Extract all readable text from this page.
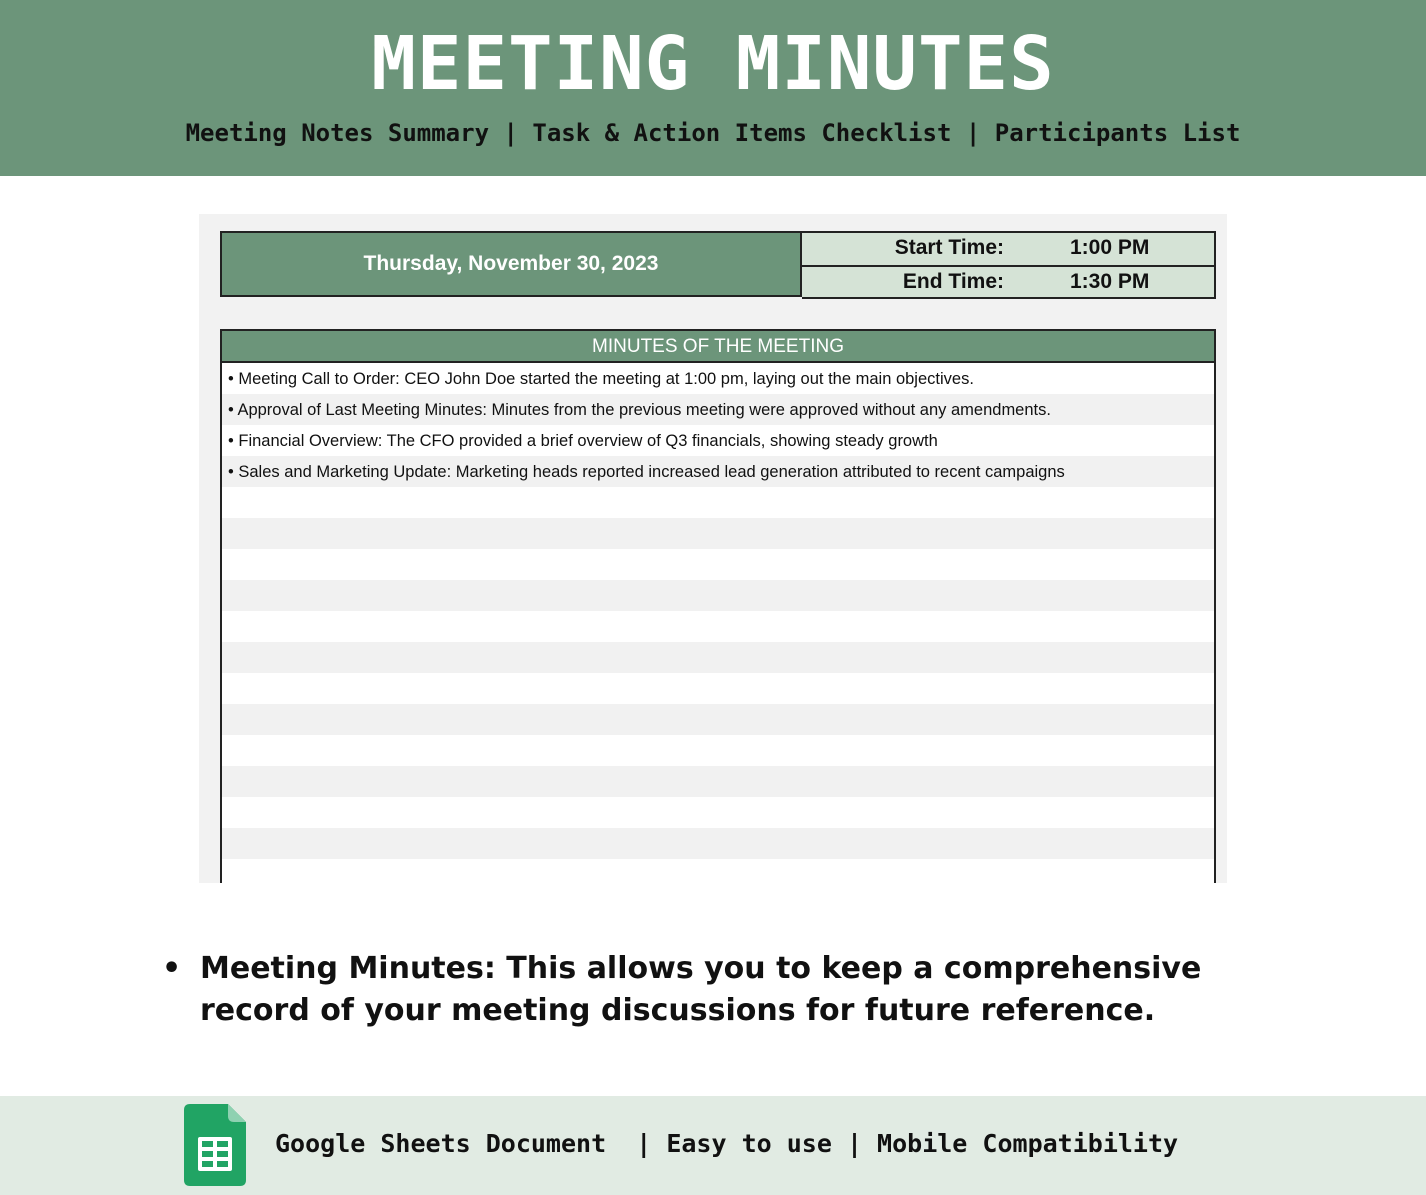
MEETING MINUTES
Meeting Notes Summary | Task & Action Items Checklist | Participants List
Thursday, November 30, 2023
Start Time:	1:00 PM
End Time:	1:30 PM
MINUTES OF THE MEETING
• Meeting Call to Order: CEO John Doe started the meeting at 1:00 pm, laying out the main objectives.
• Approval of Last Meeting Minutes: Minutes from the previous meeting were approved without any amendments.
• Financial Overview: The CFO provided a brief overview of Q3 financials, showing steady growth
• Sales and Marketing Update: Marketing heads reported increased lead generation attributed to recent campaigns
• Meeting Minutes: This allows you to keep a comprehensive record of your meeting discussions for future reference.
Google Sheets Document  | Easy to use | Mobile Compatibility
